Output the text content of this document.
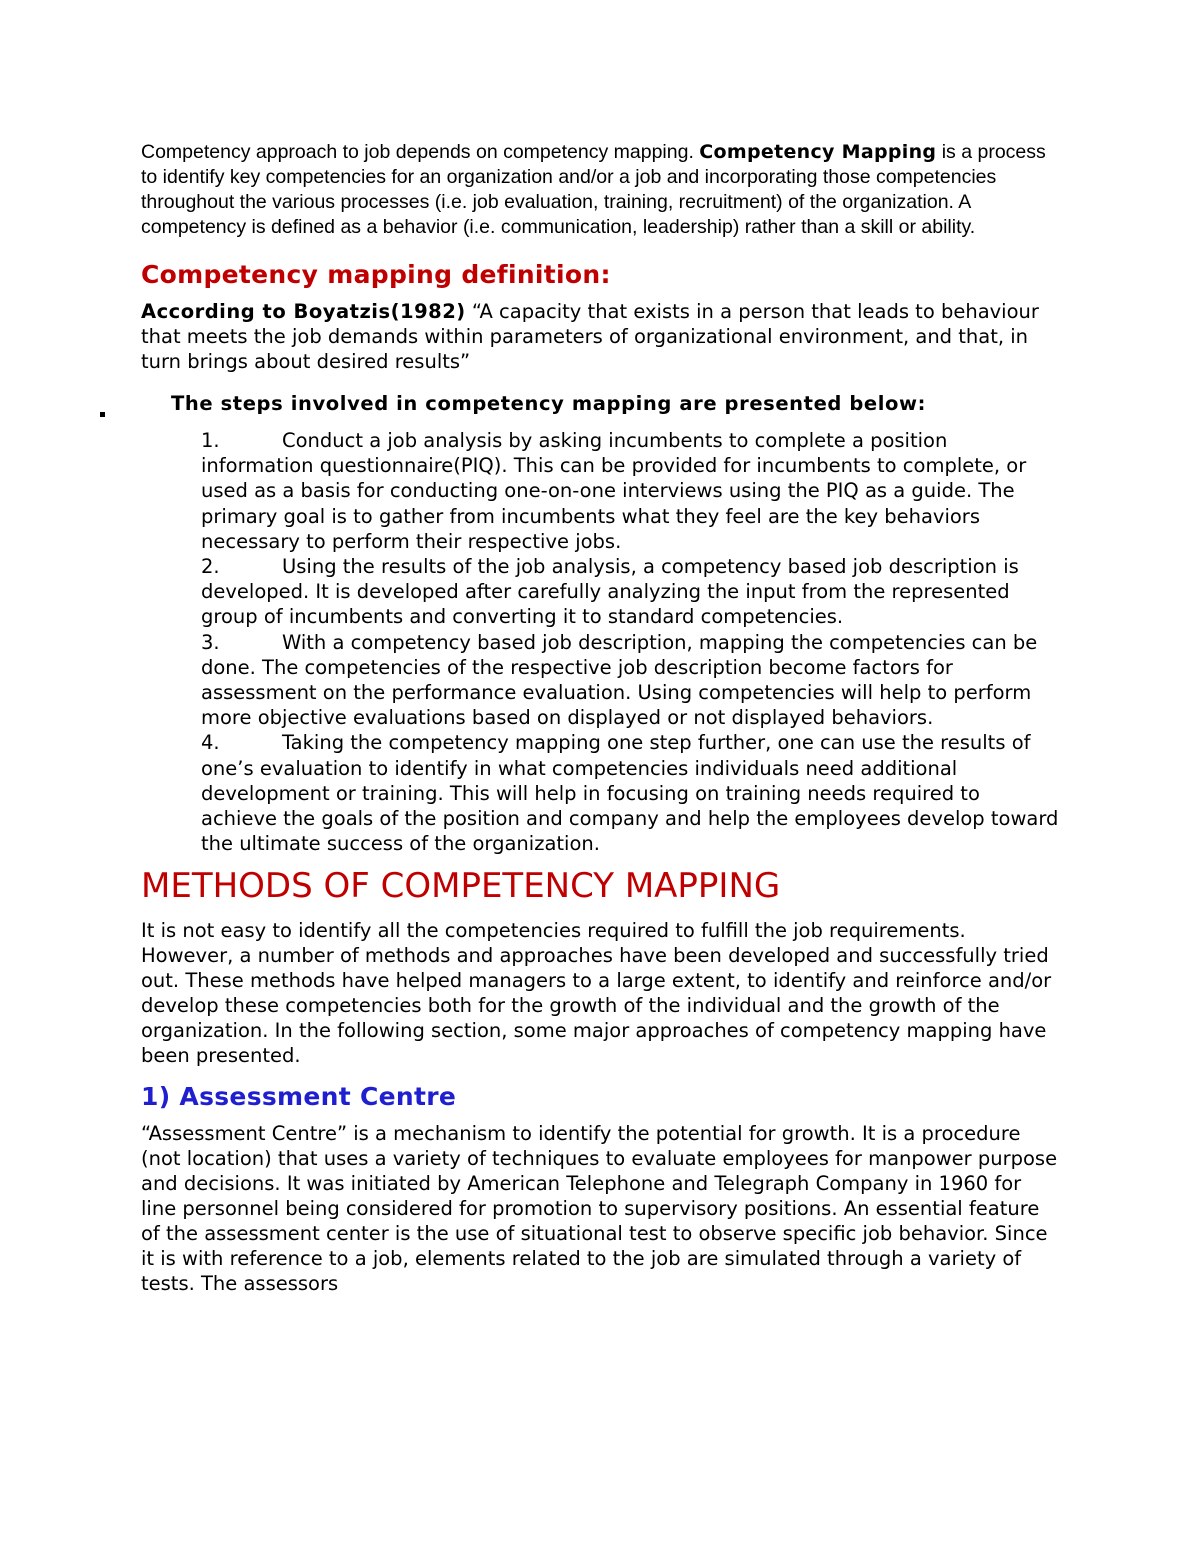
Competency approach to job depends on competency mapping. Competency Mapping is a process to identify key competencies for an organization and/or a job and incorporating those competencies throughout the various processes (i.e. job evaluation, training, recruitment) of the organization. A competency is defined as a behavior (i.e. communication, leadership) rather than a skill or ability.

Competency mapping definition:

According to Boyatzis(1982) “A capacity that exists in a person that leads to behaviour that meets the job demands within parameters of organizational environment, and that, in turn brings about desired results”

The steps involved in competency mapping are presented below:
1.	Conduct a job analysis by asking incumbents to complete a position information questionnaire(PIQ). This can be provided for incumbents to complete, or used as a basis for conducting one-on-one interviews using the PIQ as a guide. The primary goal is to gather from incumbents what they feel are the key behaviors necessary to perform their respective jobs.
2.	Using the results of the job analysis, a competency based job description is developed. It is developed after carefully analyzing the input from the represented group of incumbents and converting it to standard competencies.
3.	With a competency based job description, mapping the competencies can be done. The competencies of the respective job description become factors for assessment on the performance evaluation. Using competencies will help to perform more objective evaluations based on displayed or not displayed behaviors.
4.	Taking the competency mapping one step further, one can use the results of one’s evaluation to identify in what competencies individuals need additional development or training. This will help in focusing on training needs required to achieve the goals of the position and company and help the employees develop toward the ultimate success of the organization.
METHODS OF COMPETENCY MAPPING

It is not easy to identify all the competencies required to fulfill the job requirements. However, a number of methods and approaches have been developed and successfully tried out. These methods have helped managers to a large extent, to identify and reinforce and/or develop these competencies both for the growth of the individual and the growth of the organization. In the following section, some major approaches of competency mapping have been presented.

1) Assessment Centre

“Assessment Centre” is a mechanism to identify the potential for growth. It is a procedure (not location) that uses a variety of techniques to evaluate employees for manpower purpose and decisions. It was initiated by American Telephone and Telegraph Company in 1960 for line personnel being considered for promotion to supervisory positions. An essential feature of the assessment center is the use of situational test to observe specific job behavior. Since it is with reference to a job, elements related to the job are simulated through a variety of tests. The assessors
